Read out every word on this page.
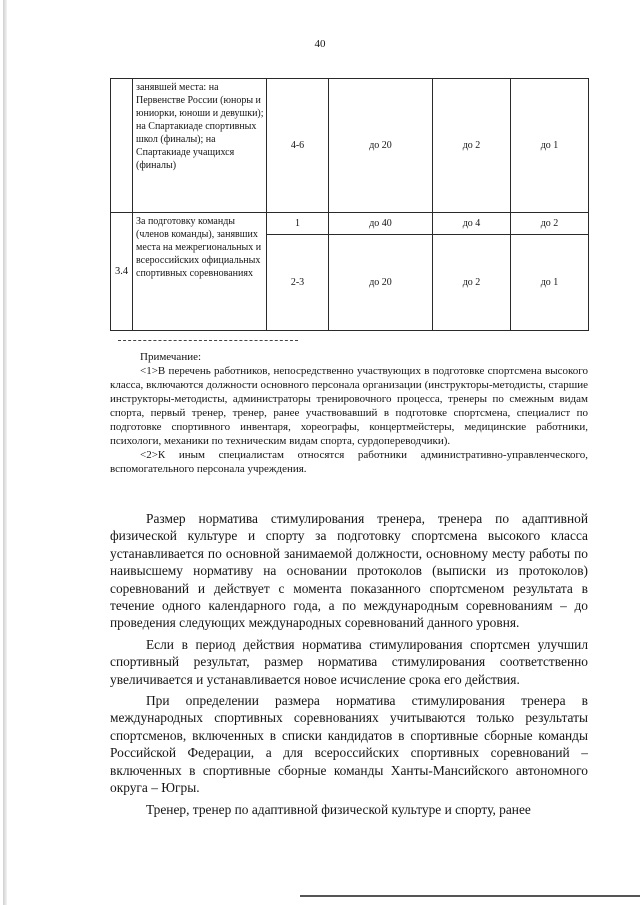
40
	занявшей места: на Первенстве России (юноры и юниорки, юноши и девушки); на Спартакиаде спортивных школ (финалы); на Спартакиаде учащихся (финалы)	4-6	до 20	до 2	до 1
3.4	За подготовку команды (членов команды), занявших места на межрегиональных и всероссийских официальных спортивных соревнованиях	1	до 40	до 4	до 2
		2-3	до 20	до 2	до 1

Примечание:

<1>В перечень работников, непосредственно участвующих в подготовке спортсмена высокого класса, включаются должности основного персонала организации (инструкторы-методисты, старшие инструкторы-методисты, администраторы тренировочного процесса, тренеры по смежным видам спорта, первый тренер, тренер, ранее участвовавший в подготовке спортсмена, специалист по подготовке спортивного инвентаря, хореографы, концертмейстеры, медицинские работники, психологи, механики по техническим видам спорта, сурдопереводчики).

<2>К иным специалистам относятся работники административно-управленческого, вспомогательного персонала учреждения.

Размер норматива стимулирования тренера, тренера по адаптивной физической культуре и спорту за подготовку спортсмена высокого класса устанавливается по основной занимаемой должности, основному месту работы по наивысшему нормативу на основании протоколов (выписки из протоколов) соревнований и действует с момента показанного спортсменом результата в течение одного календарного года, а по международным соревнованиям – до проведения следующих международных соревнований данного уровня.

Если в период действия норматива стимулирования спортсмен улучшил спортивный результат, размер норматива стимулирования соответственно увеличивается и устанавливается новое исчисление срока его действия.

При определении размера норматива стимулирования тренера в международных спортивных соревнованиях учитываются только результаты спортсменов, включенных в списки кандидатов в спортивные сборные команды Российской Федерации, а для всероссийских спортивных соревнований – включенных в спортивные сборные команды Ханты-Мансийского автономного округа – Югры.

Тренер, тренер по адаптивной физической культуре и спорту, ранее
